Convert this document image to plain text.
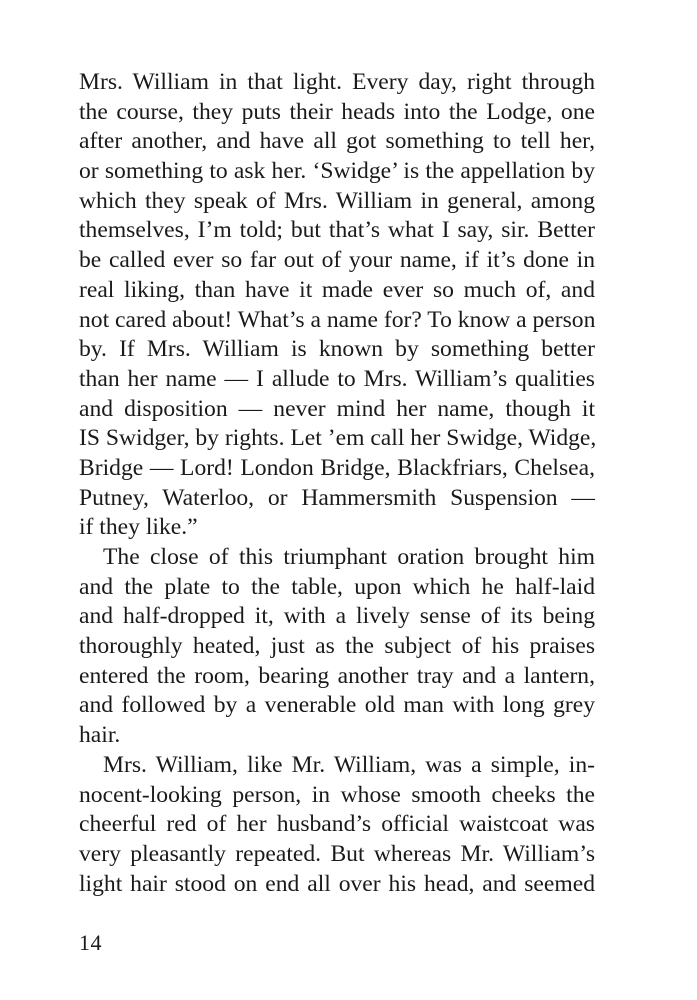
Mrs. William in that light. Every day, right through
the course, they puts their heads into the Lodge, one
after another, and have all got something to tell her,
or something to ask her. ‘Swidge’ is the appellation by
which they speak of Mrs. William in general, among
themselves, I’m told; but that’s what I say, sir. Better
be called ever so far out of your name, if it’s done in
real liking, than have it made ever so much of, and
not cared about! What’s a name for? To know a person
by. If Mrs. William is known by something better
than her name — I allude to Mrs. William’s qualities
and disposition — never mind her name, though it
IS Swidger, by rights. Let ’em call her Swidge, Widge,
Bridge — Lord! London Bridge, Blackfriars, Chelsea,
Putney, Waterloo, or Hammersmith Suspension —
if they like.”
The close of this triumphant oration brought him
and the plate to the table, upon which he half-laid
and half-dropped it, with a lively sense of its being
thoroughly heated, just as the subject of his praises
entered the room, bearing another tray and a lantern,
and followed by a venerable old man with long grey
hair.
Mrs. William, like Mr. William, was a simple, in-
nocent-looking person, in whose smooth cheeks the
cheerful red of her husband’s official waistcoat was
very pleasantly repeated. But whereas Mr. William’s
light hair stood on end all over his head, and seemed
14
